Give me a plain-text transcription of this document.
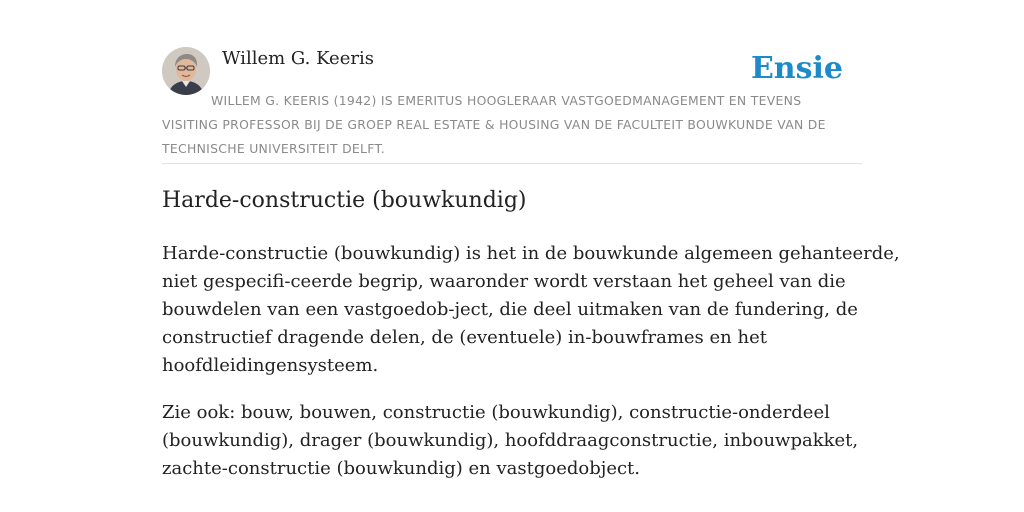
Willem G. Keeris	Ensie
WILLEM G. KEERIS (1942) IS EMERITUS HOOGLERAAR VASTGOEDMANAGEMENT EN TEVENS
VISITING PROFESSOR BIJ DE GROEP REAL ESTATE & HOUSING VAN DE FACULTEIT BOUWKUNDE VAN DE
TECHNISCHE UNIVERSITEIT DELFT.
Harde-constructie (bouwkundig)

Harde-constructie (bouwkundig) is het in de bouwkunde algemeen gehanteerde,
niet gespecifi-ceerde begrip, waaronder wordt verstaan het geheel van die
bouwdelen van een vastgoedob-ject, die deel uitmaken van de fundering, de
constructief dragende delen, de (eventuele) in-bouwframes en het
hoofdleidingensysteem.

Zie ook: bouw, bouwen, constructie (bouwkundig), constructie-onderdeel
(bouwkundig), drager (bouwkundig), hoofddraagconstructie, inbouwpakket,
zachte-constructie (bouwkundig) en vastgoedobject.
